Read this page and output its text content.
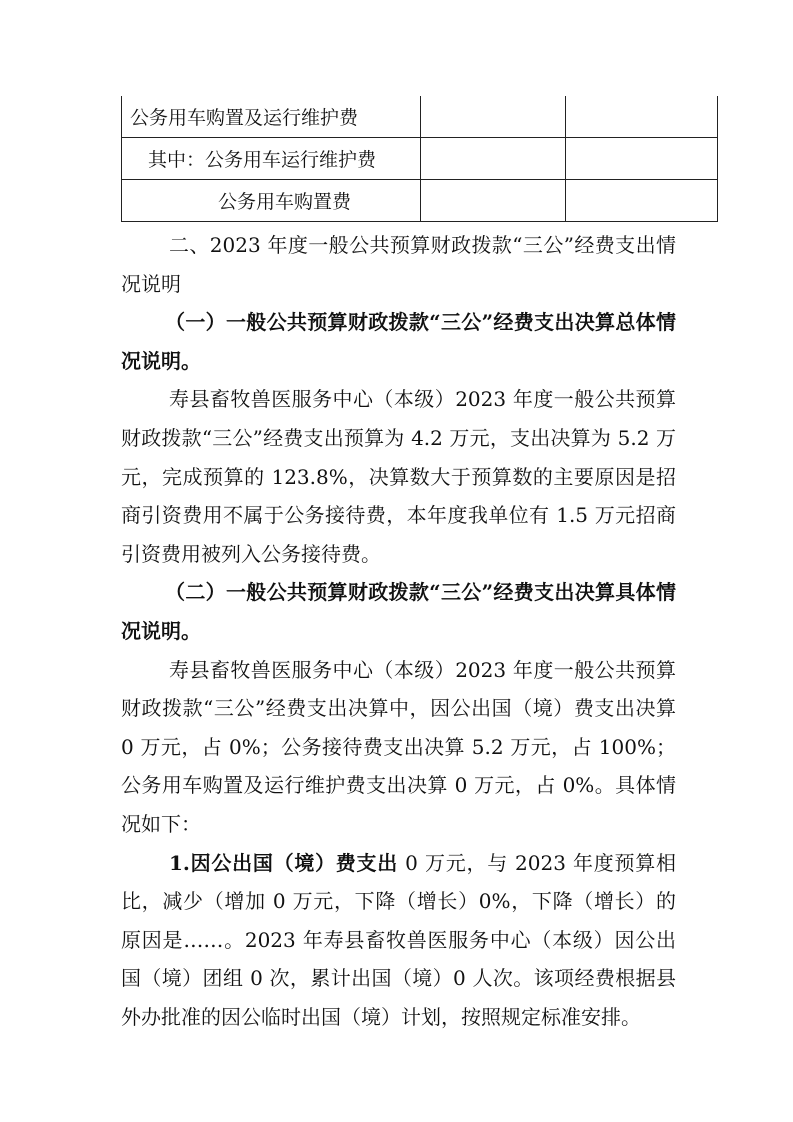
公务用车购置及运行维护费		
其中：公务用车运行维护费		
公务用车购置费		

二、2023 年度一般公共预算财政拨款“三公”经费支出情况说明

（一）一般公共预算财政拨款“三公”经费支出决算总体情况说明。

寿县畜牧兽医服务中心（本级）2023 年度一般公共预算财政拨款“三公”经费支出预算为 4.2 万元，支出决算为 5.2 万元，完成预算的 123.8%，决算数大于预算数的主要原因是招商引资费用不属于公务接待费，本年度我单位有 1.5 万元招商引资费用被列入公务接待费。

（二）一般公共预算财政拨款“三公”经费支出决算具体情况说明。

寿县畜牧兽医服务中心（本级）2023 年度一般公共预算财政拨款“三公”经费支出决算中，因公出国（境）费支出决算 0 万元，占 0%；公务接待费支出决算 5.2 万元，占 100%；公务用车购置及运行维护费支出决算 0 万元，占 0%。具体情况如下：

1.因公出国（境）费支出 0 万元，与 2023 年度预算相比，减少（增加 0 万元，下降（增长）0%，下降（增长）的原因是……。2023 年寿县畜牧兽医服务中心（本级）因公出国（境）团组 0 次，累计出国（境）0 人次。该项经费根据县外办批准的因公临时出国（境）计划，按照规定标准安排。
